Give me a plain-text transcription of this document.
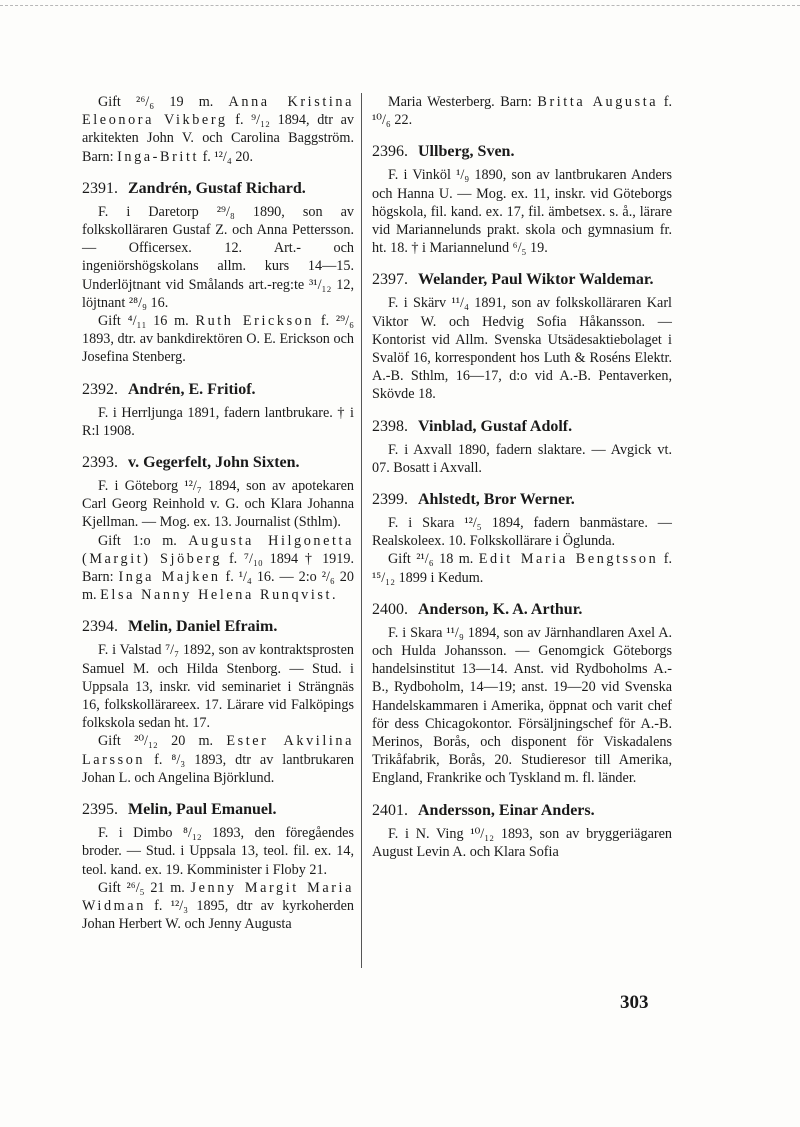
Gift ²⁶/₆ 19 m. Anna Kristina Eleonora Vikberg f. ⁹/₁₂ 1894, dtr av arkitekten John V. och Carolina Baggström. Barn: Inga-Britt f. ¹²/₄ 20.

2391. Zandrén, Gustaf Richard.

F. i Daretorp ²⁹/₈ 1890, son av folkskolläraren Gustaf Z. och Anna Pettersson. — Officersex. 12. Art.- och ingeniörshögskolans allm. kurs 14—15. Underlöjtnant vid Smålands art.-reg:te ³¹/₁₂ 12, löjtnant ²⁸/₉ 16.

Gift ⁴/₁₁ 16 m. Ruth Erickson f. ²⁹/₆ 1893, dtr. av bankdirektören O. E. Erickson och Josefina Stenberg.

2392. Andrén, E. Fritiof.

F. i Herrljunga 1891, fadern lantbrukare. † i R:l 1908.

2393. v. Gegerfelt, John Sixten.

F. i Göteborg ¹²/₇ 1894, son av apotekaren Carl Georg Reinhold v. G. och Klara Johanna Kjellman. — Mog. ex. 13. Journalist (Sthlm).

Gift 1:o m. Augusta Hilgonetta (Margit) Sjöberg f. ⁷/₁₀ 1894 † 1919. Barn: Inga Majken f. ¹/₄ 16. — 2:o ²/₆ 20 m. Elsa Nanny Helena Runqvist.

2394. Melin, Daniel Efraim.

F. i Valstad ⁷/₇ 1892, son av kontraktsprosten Samuel M. och Hilda Stenborg. — Stud. i Uppsala 13, inskr. vid seminariet i Strängnäs 16, folkskollärareex. 17. Lärare vid Falköpings folkskola sedan ht. 17.

Gift ²⁰/₁₂ 20 m. Ester Akvilina Larsson f. ⁸/₃ 1893, dtr av lantbrukaren Johan L. och Angelina Björklund.

2395. Melin, Paul Emanuel.

F. i Dimbo ⁸/₁₂ 1893, den föregåendes broder. — Stud. i Uppsala 13, teol. fil. ex. 14, teol. kand. ex. 19. Komminister i Floby 21.

Gift ²⁶/₅ 21 m. Jenny Margit Maria Widman f. ¹²/₃ 1895, dtr av kyrkoherden Johan Herbert W. och Jenny Augusta

Maria Westerberg. Barn: Britta Augusta f. ¹⁰/₆ 22.

2396. Ullberg, Sven.

F. i Vinköl ¹/₉ 1890, son av lantbrukaren Anders och Hanna U. — Mog. ex. 11, inskr. vid Göteborgs högskola, fil. kand. ex. 17, fil. ämbetsex. s. å., lärare vid Mariannelunds prakt. skola och gymnasium fr. ht. 18. † i Mariannelund ⁶/₅ 19.

2397. Welander, Paul Wiktor Waldemar.

F. i Skärv ¹¹/₄ 1891, son av folkskolläraren Karl Viktor W. och Hedvig Sofia Håkansson. — Kontorist vid Allm. Svenska Utsädesaktiebolaget i Svalöf 16, korrespondent hos Luth & Roséns Elektr. A.-B. Sthlm, 16—17, d:o vid A.-B. Pentaverken, Skövde 18.

2398. Vinblad, Gustaf Adolf.

F. i Axvall 1890, fadern slaktare. — Avgick vt. 07. Bosatt i Axvall.

2399. Ahlstedt, Bror Werner.

F. i Skara ¹²/₅ 1894, fadern banmästare. — Realskoleex. 10. Folkskollärare i Öglunda.

Gift ²¹/₆ 18 m. Edit Maria Bengtsson f. ¹⁵/₁₂ 1899 i Kedum.

2400. Anderson, K. A. Arthur.

F. i Skara ¹¹/₉ 1894, son av Järnhandlaren Axel A. och Hulda Johansson. — Genomgick Göteborgs handelsinstitut 13—14. Anst. vid Rydboholms A.-B., Rydboholm, 14—19; anst. 19—20 vid Svenska Handelskammaren i Amerika, öppnat och varit chef för dess Chicagokontor. Försäljningschef för A.-B. Merinos, Borås, och disponent för Viskadalens Trikåfabrik, Borås, 20. Studieresor till Amerika, England, Frankrike och Tyskland m. fl. länder.

2401. Andersson, Einar Anders.

F. i N. Ving ¹⁰/₁₂ 1893, son av bryggeriägaren August Levin A. och Klara Sofia

303
